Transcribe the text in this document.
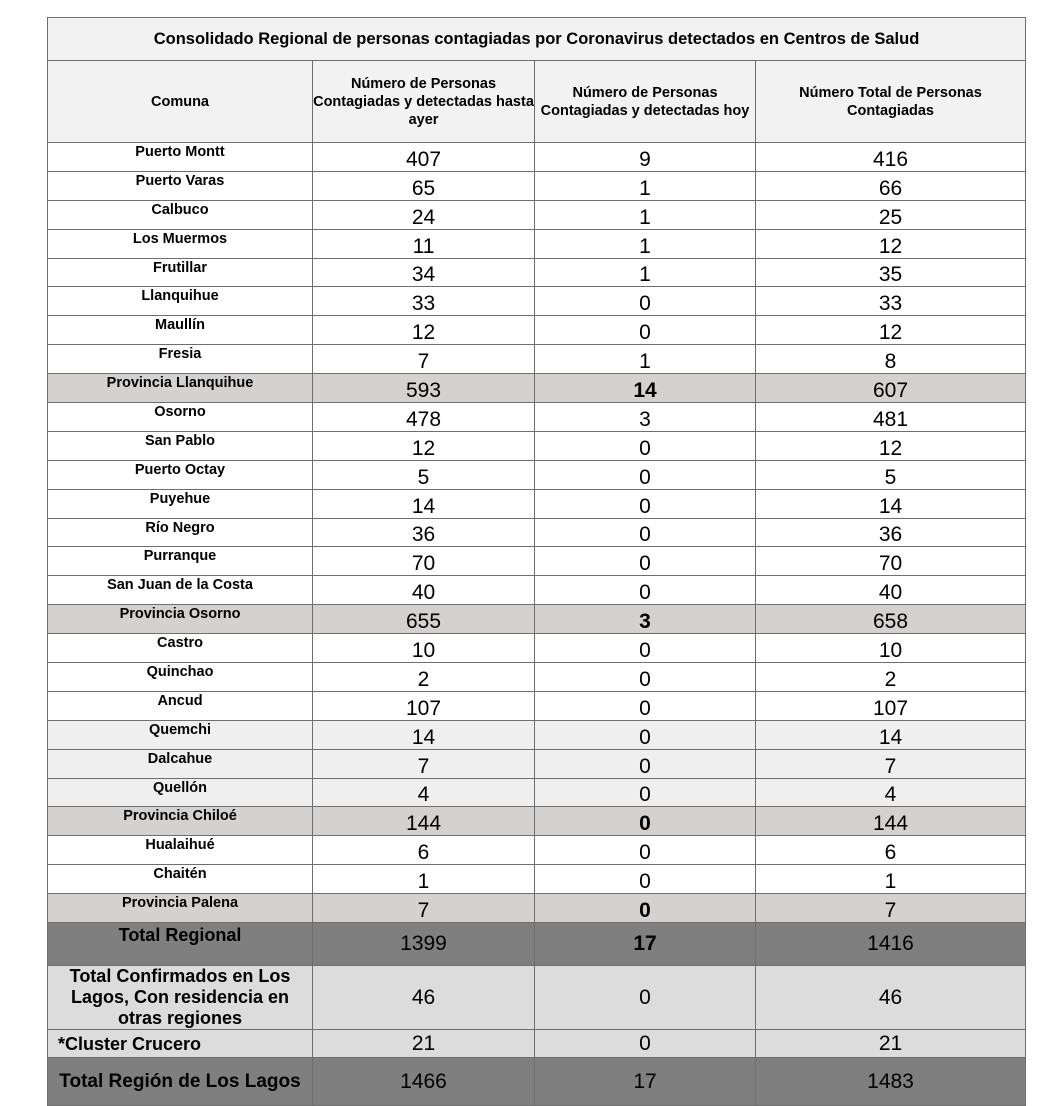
Consolidado Regional de personas contagiadas por Coronavirus detectados en Centros de Salud			
Comuna	Número de Personas Contagiadas y detectadas hasta ayer	Número de Personas Contagiadas y detectadas hoy	Número Total de Personas Contagiadas
Puerto Montt	407	9	416
Puerto Varas	65	1	66
Calbuco	24	1	25
Los Muermos	11	1	12
Frutillar	34	1	35
Llanquihue	33	0	33
Maullín	12	0	12
Fresia	7	1	8
Provincia Llanquihue	593	14	607
Osorno	478	3	481
San Pablo	12	0	12
Puerto Octay	5	0	5
Puyehue	14	0	14
Río Negro	36	0	36
Purranque	70	0	70
San Juan de la Costa	40	0	40
Provincia Osorno	655	3	658
Castro	10	0	10
Quinchao	2	0	2
Ancud	107	0	107
Quemchi	14	0	14
Dalcahue	7	0	7
Quellón	4	0	4
Provincia Chiloé	144	0	144
Hualaihué	6	0	6
Chaitén	1	0	1
Provincia Palena	7	0	7
Total Regional	1399	17	1416
Total Confirmados en Los Lagos, Con residencia en otras regiones	46	0	46
*Cluster Crucero	21	0	21
Total Región de Los Lagos	1466	17	1483
